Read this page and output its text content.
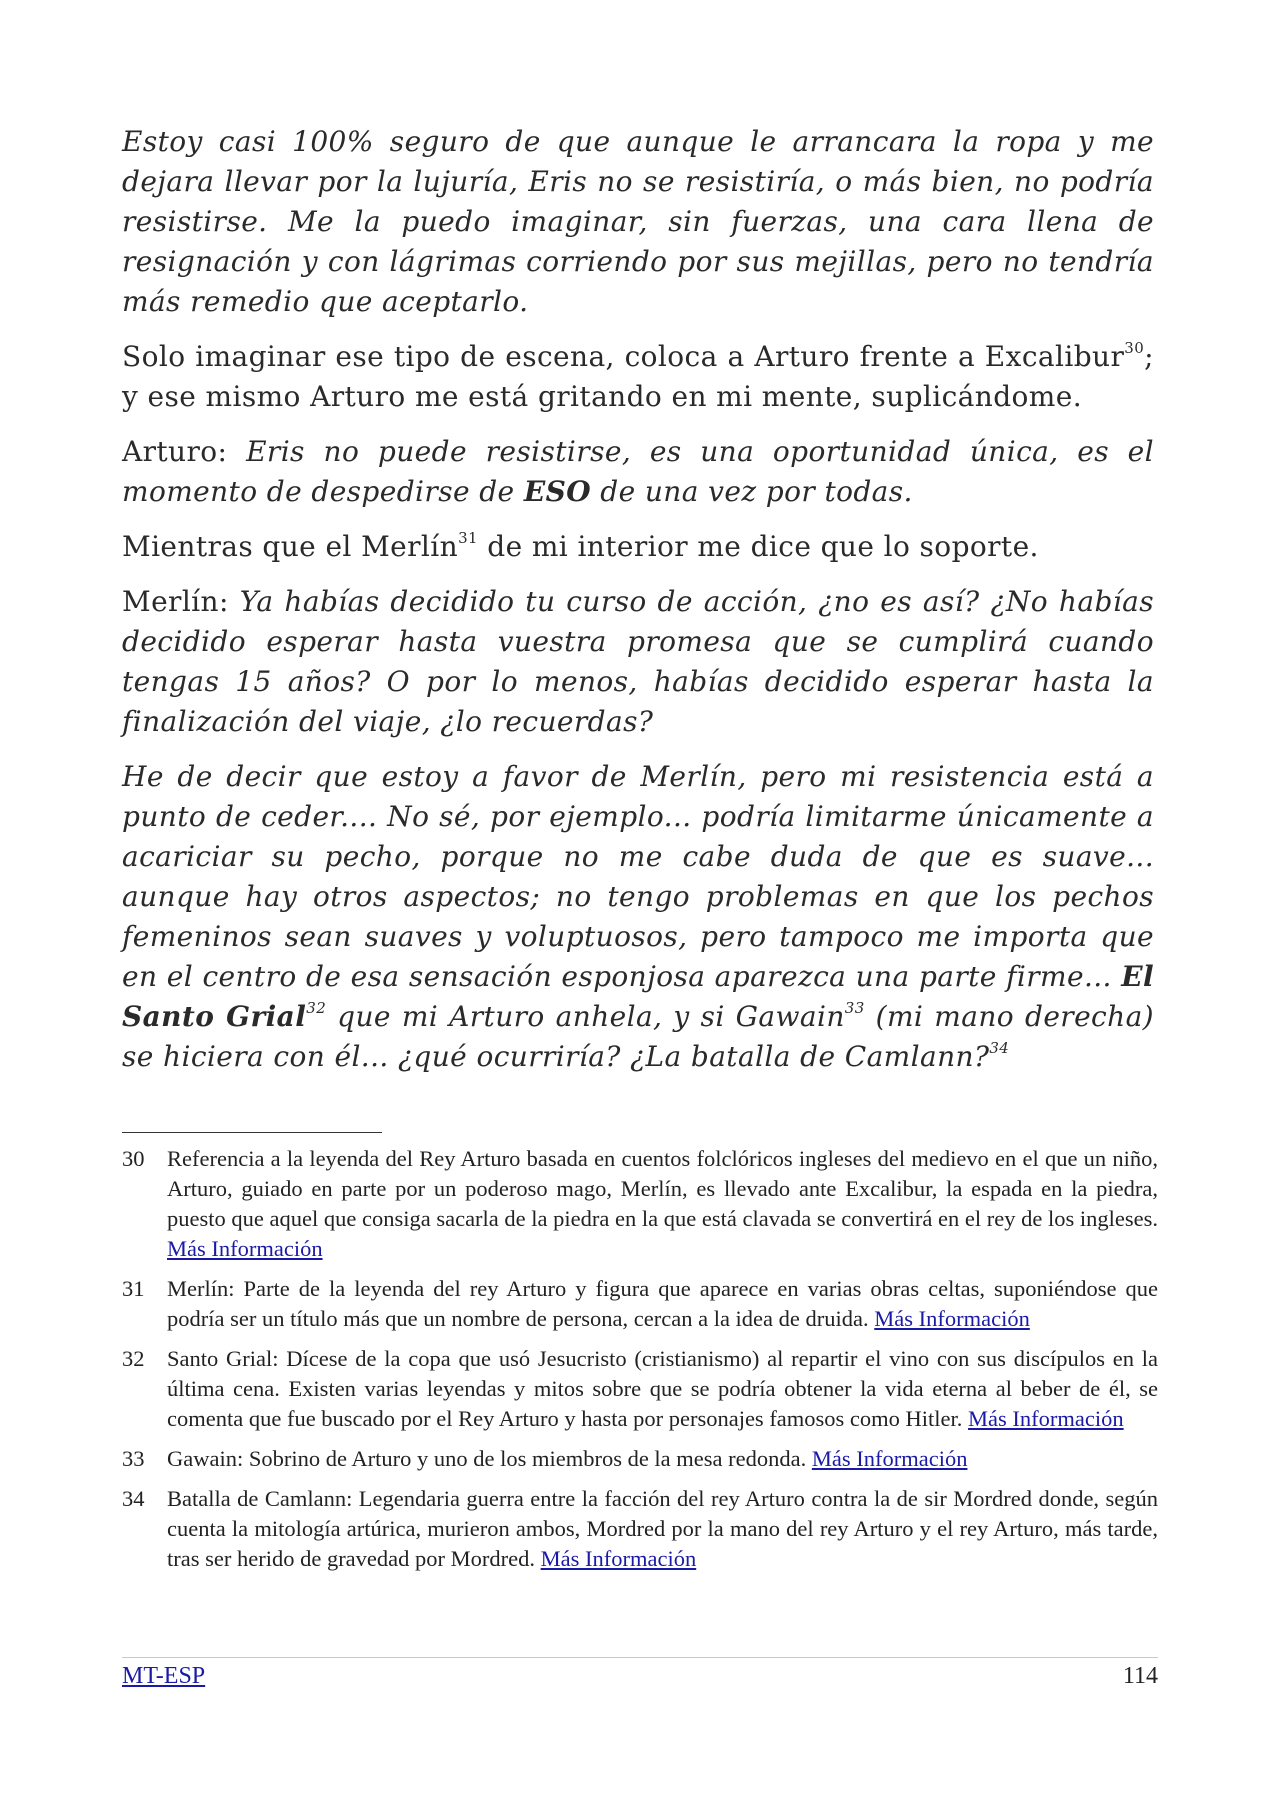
Estoy casi 100% seguro de que aunque le arrancara la ropa y me dejara llevar por la lujuría, Eris no se resistiría, o más bien, no podría resistirse. Me la puedo imaginar, sin fuerzas, una cara llena de resignación y con lágrimas corriendo por sus mejillas, pero no tendría más remedio que aceptarlo.

Solo imaginar ese tipo de escena, coloca a Arturo frente a Excalibur$^{30}$; y ese mismo Arturo me está gritando en mi mente, suplicándome.

Arturo: Eris no puede resistirse, es una oportunidad única, es el momento de despedirse de ESO de una vez por todas.

Mientras que el Merlín$^{31}$ de mi interior me dice que lo soporte.

Merlín: Ya habías decidido tu curso de acción, ¿no es así? ¿No habías decidido esperar hasta vuestra promesa que se cumplirá cuando tengas 15 años? O por lo menos, habías decidido esperar hasta la finalización del viaje, ¿lo recuerdas?

He de decir que estoy a favor de Merlín, pero mi resistencia está a punto de ceder.... No sé, por ejemplo... podría limitarme únicamente a acariciar su pecho, porque no me cabe duda de que es suave... aunque hay otros aspectos; no tengo problemas en que los pechos femeninos sean suaves y voluptuosos, pero tampoco me importa que en el centro de esa sensación esponjosa aparezca una parte firme... El Santo Grial$^{32}$ que mi Arturo anhela, y si Gawain$^{33}$ (mi mano derecha) se hiciera con él... ¿qué ocurriría? ¿La batalla de Camlann?$^{34}$

30	Referencia a la leyenda del Rey Arturo basada en cuentos folclóricos ingleses del medievo en el que un niño, Arturo, guiado en parte por un poderoso mago, Merlín, es llevado ante Excalibur, la espada en la piedra, puesto que aquel que consiga sacarla de la piedra en la que está clavada se convertirá en el rey de los ingleses. Más Información
31	Merlín: Parte de la leyenda del rey Arturo y figura que aparece en varias obras celtas, suponiéndose que podría ser un título más que un nombre de persona, cercan a la idea de druida. Más Información
32	Santo Grial: Dícese de la copa que usó Jesucristo (cristianismo) al repartir el vino con sus discípulos en la última cena. Existen varias leyendas y mitos sobre que se podría obtener la vida eterna al beber de él, se comenta que fue buscado por el Rey Arturo y hasta por personajes famosos como Hitler. Más Información
33	Gawain: Sobrino de Arturo y uno de los miembros de la mesa redonda. Más Información
34	Batalla de Camlann: Legendaria guerra entre la facción del rey Arturo contra la de sir Mordred donde, según cuenta la mitología artúrica, murieron ambos, Mordred por la mano del rey Arturo y el rey Arturo, más tarde, tras ser herido de gravedad por Mordred. Más Información
MT-ESP	114
